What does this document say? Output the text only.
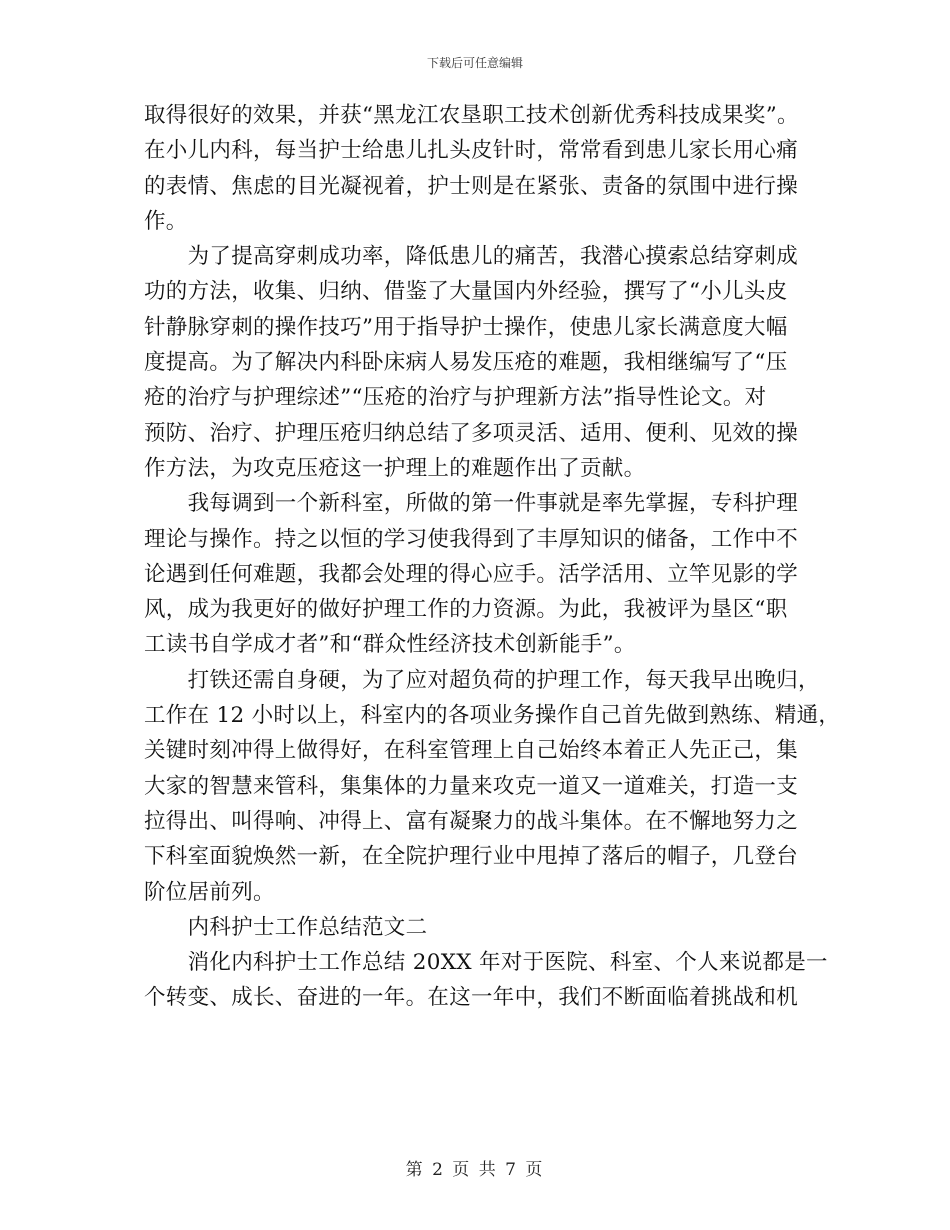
下载后可任意编辑
取得很好的效果，并获“黑龙江农垦职工技术创新优秀科技成果奖”。
在小儿内科，每当护士给患儿扎头皮针时，常常看到患儿家长用心痛
的表情、焦虑的目光凝视着，护士则是在紧张、责备的氛围中进行操
作。
　　为了提高穿刺成功率，降低患儿的痛苦，我潜心摸索总结穿刺成
功的方法，收集、归纳、借鉴了大量国内外经验，撰写了“小儿头皮
针静脉穿刺的操作技巧”用于指导护士操作，使患儿家长满意度大幅
度提高。为了解决内科卧床病人易发压疮的难题，我相继编写了“压
疮的治疗与护理综述”“压疮的治疗与护理新方法”指导性论文。对
预防、治疗、护理压疮归纳总结了多项灵活、适用、便利、见效的操
作方法，为攻克压疮这一护理上的难题作出了贡献。
　　我每调到一个新科室，所做的第一件事就是率先掌握，专科护理
理论与操作。持之以恒的学习使我得到了丰厚知识的储备，工作中不
论遇到任何难题，我都会处理的得心应手。活学活用、立竿见影的学
风，成为我更好的做好护理工作的力资源。为此，我被评为垦区“职
工读书自学成才者”和“群众性经济技术创新能手”。
　　打铁还需自身硬，为了应对超负荷的护理工作，每天我早出晚归，
工作在 12 小时以上，科室内的各项业务操作自己首先做到熟练、精通，
关键时刻冲得上做得好，在科室管理上自己始终本着正人先正己，集
大家的智慧来管科，集集体的力量来攻克一道又一道难关，打造一支
拉得出、叫得响、冲得上、富有凝聚力的战斗集体。在不懈地努力之
下科室面貌焕然一新，在全院护理行业中甩掉了落后的帽子，几登台
阶位居前列。
　　内科护士工作总结范文二
　　消化内科护士工作总结 20XX 年对于医院、科室、个人来说都是一
个转变、成长、奋进的一年。在这一年中，我们不断面临着挑战和机
第 2 页 共 7 页
